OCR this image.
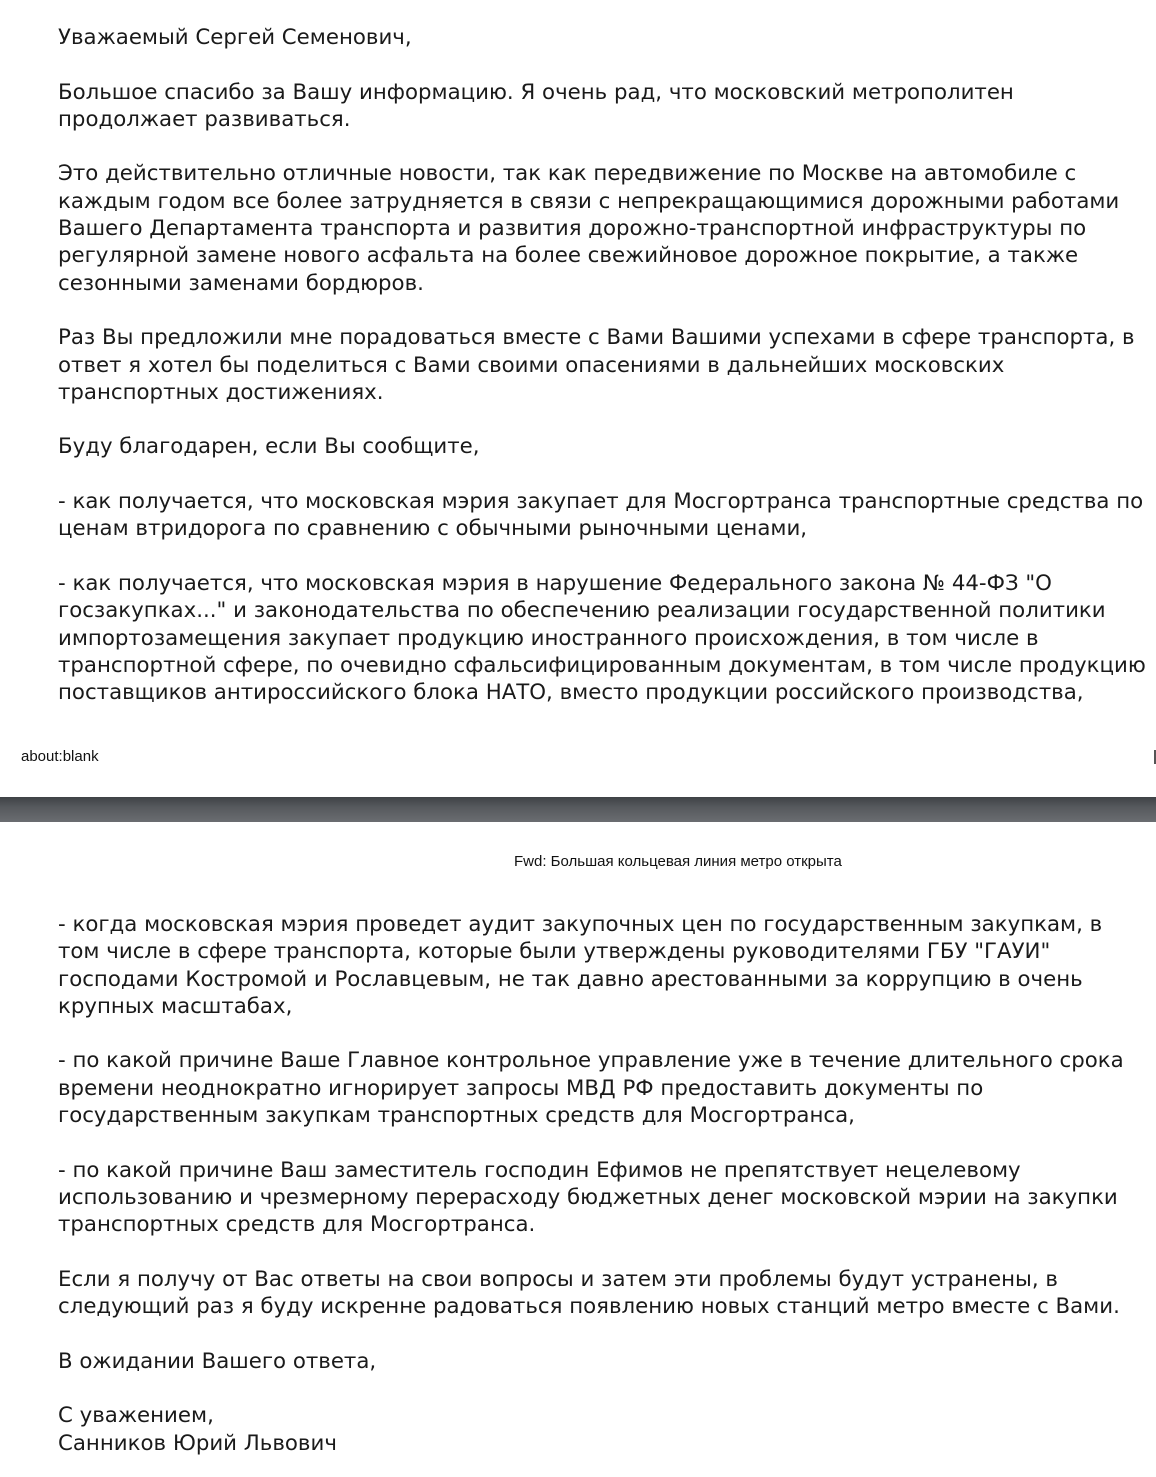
Уважаемый Сергей Семенович,

Большое спасибо за Вашу информацию. Я очень рад, что московский метрополитен продолжает развиваться.

Это действительно отличные новости, так как передвижение по Москве на автомобиле с каждым годом все более затрудняется в связи с непрекращающимися дорожными работами Вашего Департамента транспорта и развития дорожно-транспортной инфраструктуры по регулярной замене нового асфальта на более свежийновое дорожное покрытие, а также сезонными заменами бордюров.

Раз Вы предложили мне порадоваться вместе с Вами Вашими успехами в сфере транспорта, в ответ я хотел бы поделиться с Вами своими опасениями в дальнейших московских транспортных достижениях.

Буду благодарен, если Вы сообщите,

- как получается, что московская мэрия закупает для Мосгортранса транспортные средства по ценам втридорога по сравнению с обычными рыночными ценами,

- как получается, что московская мэрия в нарушение Федерального закона № 44-ФЗ "О госзакупках..." и законодательства по обеспечению реализации государственной политики импортозамещения закупает продукцию иностранного происхождения, в том числе в транспортной сфере, по очевидно сфальсифицированным документам, в том числе продукцию поставщиков антироссийского блока НАТО, вместо продукции российского производства,

about:blank
Fwd: Большая кольцевая линия метро открыта

- когда московская мэрия проведет аудит закупочных цен по государственным закупкам, в том числе в сфере транспорта, которые были утверждены руководителями ГБУ "ГАУИ" господами Костромой и Рославцевым, не так давно арестованными за коррупцию в очень крупных масштабах,

- по какой причине Ваше Главное контрольное управление уже в течение длительного срока времени неоднократно игнорирует запросы МВД РФ предоставить документы по государственным закупкам транспортных средств для Мосгортранса,

- по какой причине Ваш заместитель господин Ефимов не препятствует нецелевому использованию и чрезмерному перерасходу бюджетных денег московской мэрии на закупки транспортных средств для Мосгортранса.

Если я получу от Вас ответы на свои вопросы и затем эти проблемы будут устранены, в следующий раз я буду искренне радоваться появлению новых станций метро вместе с Вами.

В ожидании Вашего ответа,

С уважением,

Санников Юрий Львович
